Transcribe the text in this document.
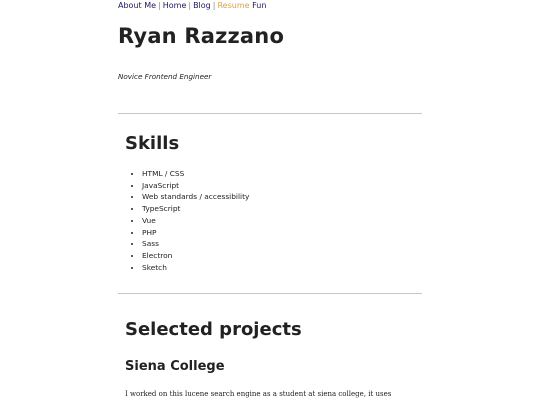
About Me | Home | Blog | Resume Fun
Ryan Razzano

Novice Frontend Engineer

Skills
• HTML / CSS
• JavaScript
• Web standards / accessibility
• TypeScript
• Vue
• PHP
• Sass
• Electron
• Sketch
Selected projects
Siena College

I worked on this lucene search engine as a student at siena college, it uses
